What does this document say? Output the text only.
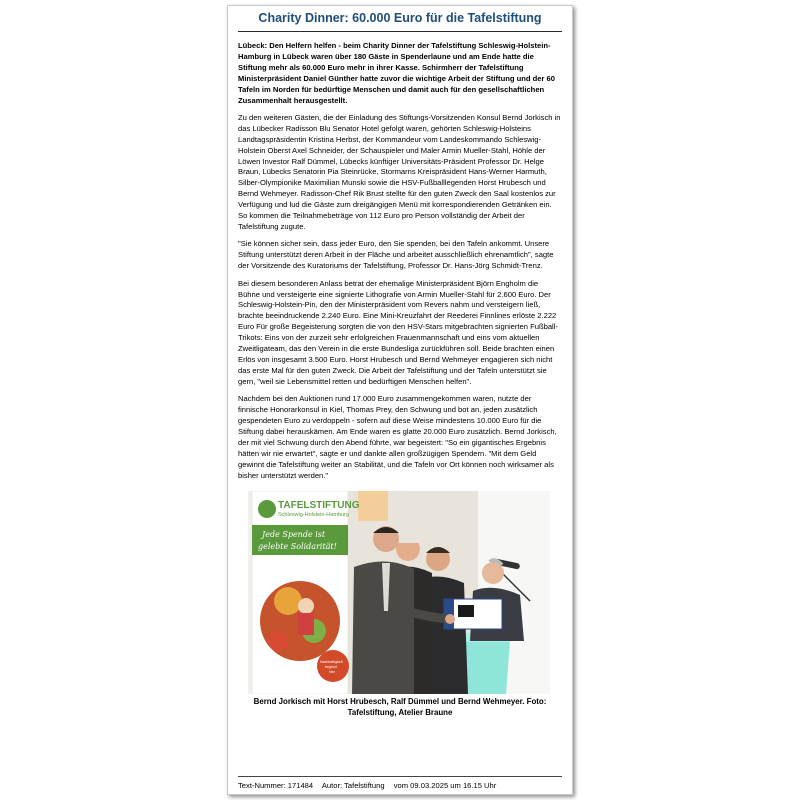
Charity Dinner: 60.000 Euro für die Tafelstiftung

Lübeck: Den Helfern helfen - beim Charity Dinner der Tafelstiftung Schleswig-Holstein-Hamburg in Lübeck waren über 180 Gäste in Spenderlaune und am Ende hatte die Stiftung mehr als 60.000 Euro mehr in ihrer Kasse. Schirmherr der Tafelstiftung Ministerpräsident Daniel Günther hatte zuvor die wichtige Arbeit der Stiftung und der 60 Tafeln im Norden für bedürftige Menschen und damit auch für den gesellschaftlichen Zusammenhalt herausgestellt.

Zu den weiteren Gästen, die der Einladung des Stiftungs-Vorsitzenden Konsul Bernd Jorkisch in das Lübecker Radisson Blu Senator Hotel gefolgt waren, gehörten Schleswig-Holsteins Landtagspräsidentin Kristina Herbst, der Kommandeur vom Landeskommando Schleswig-Holstein Oberst Axel Schneider, der Schauspieler und Maler Armin Mueller-Stahl, Höhle der Löwen Investor Ralf Dümmel, Lübecks künftiger Universitäts-Präsident Professor Dr. Helge Braun, Lübecks Senatorin Pia Steinrücke, Stormarns Kreispräsident Hans-Werner Harmuth, Silber-Olympionike Maximilian Munski sowie die HSV-Fußballlegenden Horst Hrubesch und Bernd Wehmeyer. Radisson-Chef Rik Brust stellte für den guten Zweck den Saal kostenlos zur Verfügung und lud die Gäste zum dreigängigen Menü mit korrespondierenden Getränken ein. So kommen die Teilnahmebeträge von 112 Euro pro Person vollständig der Arbeit der Tafelstiftung zugute.

"Sie können sicher sein, dass jeder Euro, den Sie spenden, bei den Tafeln ankommt. Unsere Stiftung unterstützt deren Arbeit in der Fläche und arbeitet ausschließlich ehrenamtlich", sagte der Vorsitzende des Kuratoriums der Tafelstiftung, Professor Dr. Hans-Jörg Schmidt-Trenz.

Bei diesem besonderen Anlass betrat der ehemalige Ministerpräsident Björn Engholm die Bühne und versteigerte eine signierte Lithografie von Armin Mueller-Stahl für 2.600 Euro. Der Schleswig-Holstein-Pin, den der Ministerpräsident vom Revers nahm und versteigern ließ, brachte beeindruckende 2.240 Euro. Eine Mini-Kreuzfahrt der Reederei Finnlines erlöste 2.222 Euro Für große Begeisterung sorgten die von den HSV-Stars mitgebrachten signierten Fußball-Trikots: Eins von der zurzeit sehr erfolgreichen Frauenmannschaft und eins vom aktuellen Zweitligateam, das den Verein in die erste Bundesliga zurückführen soll. Beide brachten einen Erlös von insgesamt 3.500 Euro. Horst Hrubesch und Bernd Wehmeyer engagieren sich nicht das erste Mal für den guten Zweck. Die Arbeit der Tafelstiftung und der Tafeln unterstützt sie gern, "weil sie Lebensmittel retten und bedürftigen Menschen helfen".

Nachdem bei den Auktionen rund 17.000 Euro zusammengekommen waren, nutzte der finnische Honorarkonsul in Kiel, Thomas Prey, den Schwung und bot an, jeden zusätzlich gespendeten Euro zu verdoppeln - sofern auf diese Weise mindestens 10.000 Euro für die Stiftung dabei herauskämen. Am Ende waren es glatte 20.000 Euro zusätzlich. Bernd Jorkisch, der mit viel Schwung durch den Abend führte, war begeistert: "So ein gigantisches Ergebnis hätten wir nie erwartet", sagte er und dankte allen großzügigen Spendern. "Mit dem Geld gewinnt die Tafelstiftung weiter an Stabilität, und die Tafeln vor Ort können noch wirksamer als bisher unterstützt werden."

TAFELSTIFTUNG
Schleswig-Holstein-Hamburg
Jede Spende ist
gelebte Solidarität!
Nachhaltigkeit
beginnt
hier
Bernd Jorkisch mit Horst Hrubesch, Ralf Dümmel und Bernd Wehmeyer. Foto: Tafelstiftung, Atelier Braune
Text-Nummer: 171484 Autor: Tafelstiftung vom 09.03.2025 um 16.15 Uhr
